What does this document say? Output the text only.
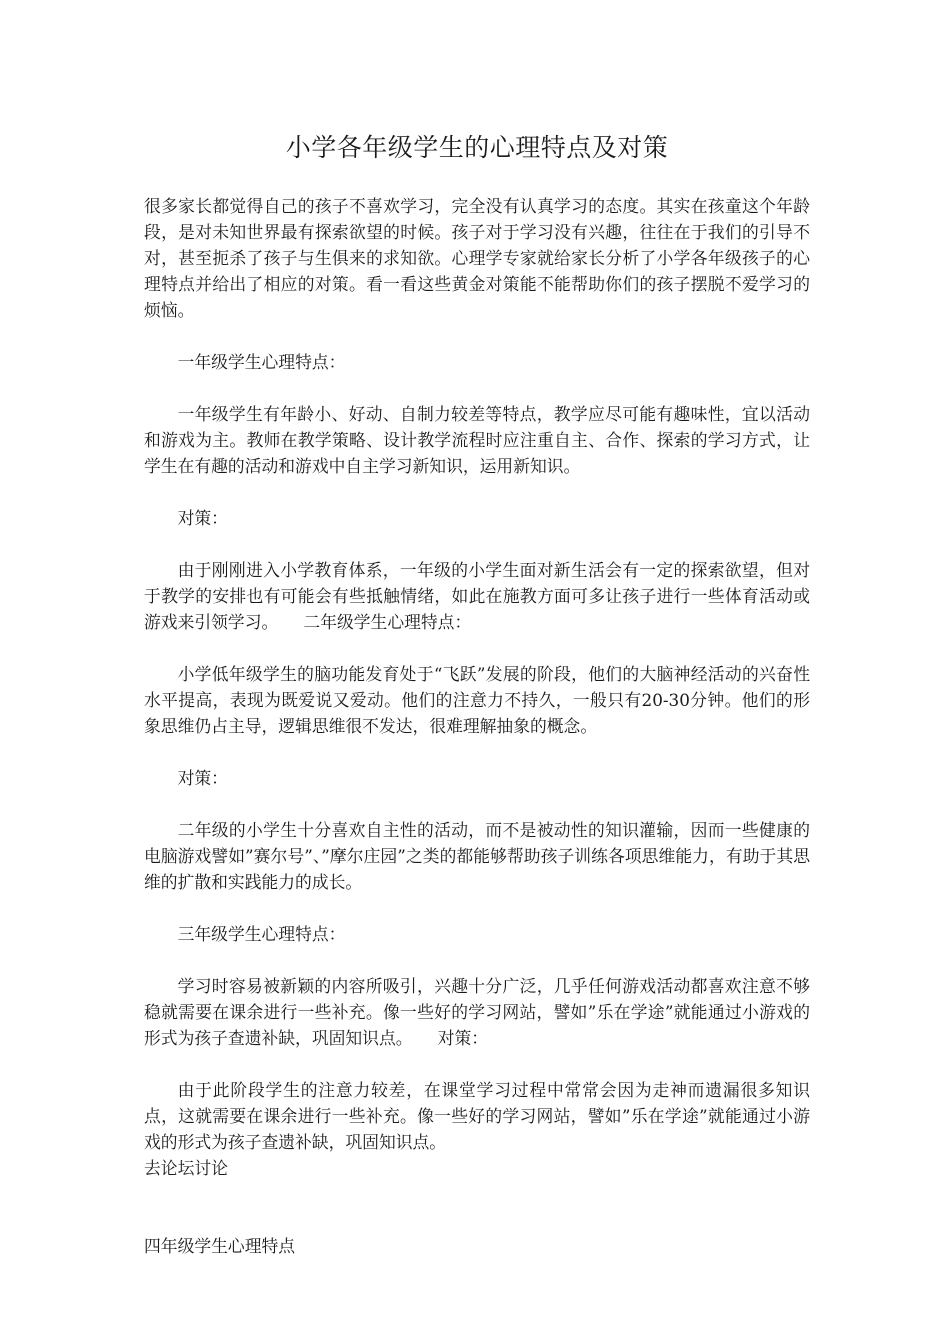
小学各年级学生的心理特点及对策

很多家长都觉得自己的孩子不喜欢学习，完全没有认真学习的态度。其实在孩童这个年龄段，是对未知世界最有探索欲望的时候。孩子对于学习没有兴趣，往往在于我们的引导不对，甚至扼杀了孩子与生俱来的求知欲。心理学专家就给家长分析了小学各年级孩子的心理特点并给出了相应的对策。看一看这些黄金对策能不能帮助你们的孩子摆脱不爱学习的烦恼。

一年级学生心理特点：

一年级学生有年龄小、好动、自制力较差等特点，教学应尽可能有趣味性，宜以活动和游戏为主。教师在教学策略、设计教学流程时应注重自主、合作、探索的学习方式，让学生在有趣的活动和游戏中自主学习新知识，运用新知识。

对策：

由于刚刚进入小学教育体系，一年级的小学生面对新生活会有一定的探索欲望，但对于教学的安排也有可能会有些抵触情绪，如此在施教方面可多让孩子进行一些体育活动或游戏来引领学习。　　二年级学生心理特点：

小学低年级学生的脑功能发育处于“飞跃”发展的阶段，他们的大脑神经活动的兴奋性水平提高，表现为既爱说又爱动。他们的注意力不持久，一般只有20-30分钟。他们的形象思维仍占主导，逻辑思维很不发达，很难理解抽象的概念。

对策：

二年级的小学生十分喜欢自主性的活动，而不是被动性的知识灌输，因而一些健康的电脑游戏譬如”赛尔号”、”摩尔庄园”之类的都能够帮助孩子训练各项思维能力，有助于其思维的扩散和实践能力的成长。

三年级学生心理特点：

学习时容易被新颖的内容所吸引，兴趣十分广泛，几乎任何游戏活动都喜欢注意不够稳就需要在课余进行一些补充。像一些好的学习网站，譬如”乐在学途”就能通过小游戏的形式为孩子查遗补缺，巩固知识点。　　对策：

由于此阶段学生的注意力较差，在课堂学习过程中常常会因为走神而遗漏很多知识点，这就需要在课余进行一些补充。像一些好的学习网站，譬如”乐在学途”就能通过小游戏的形式为孩子查遗补缺，巩固知识点。

去论坛讨论

四年级学生心理特点
